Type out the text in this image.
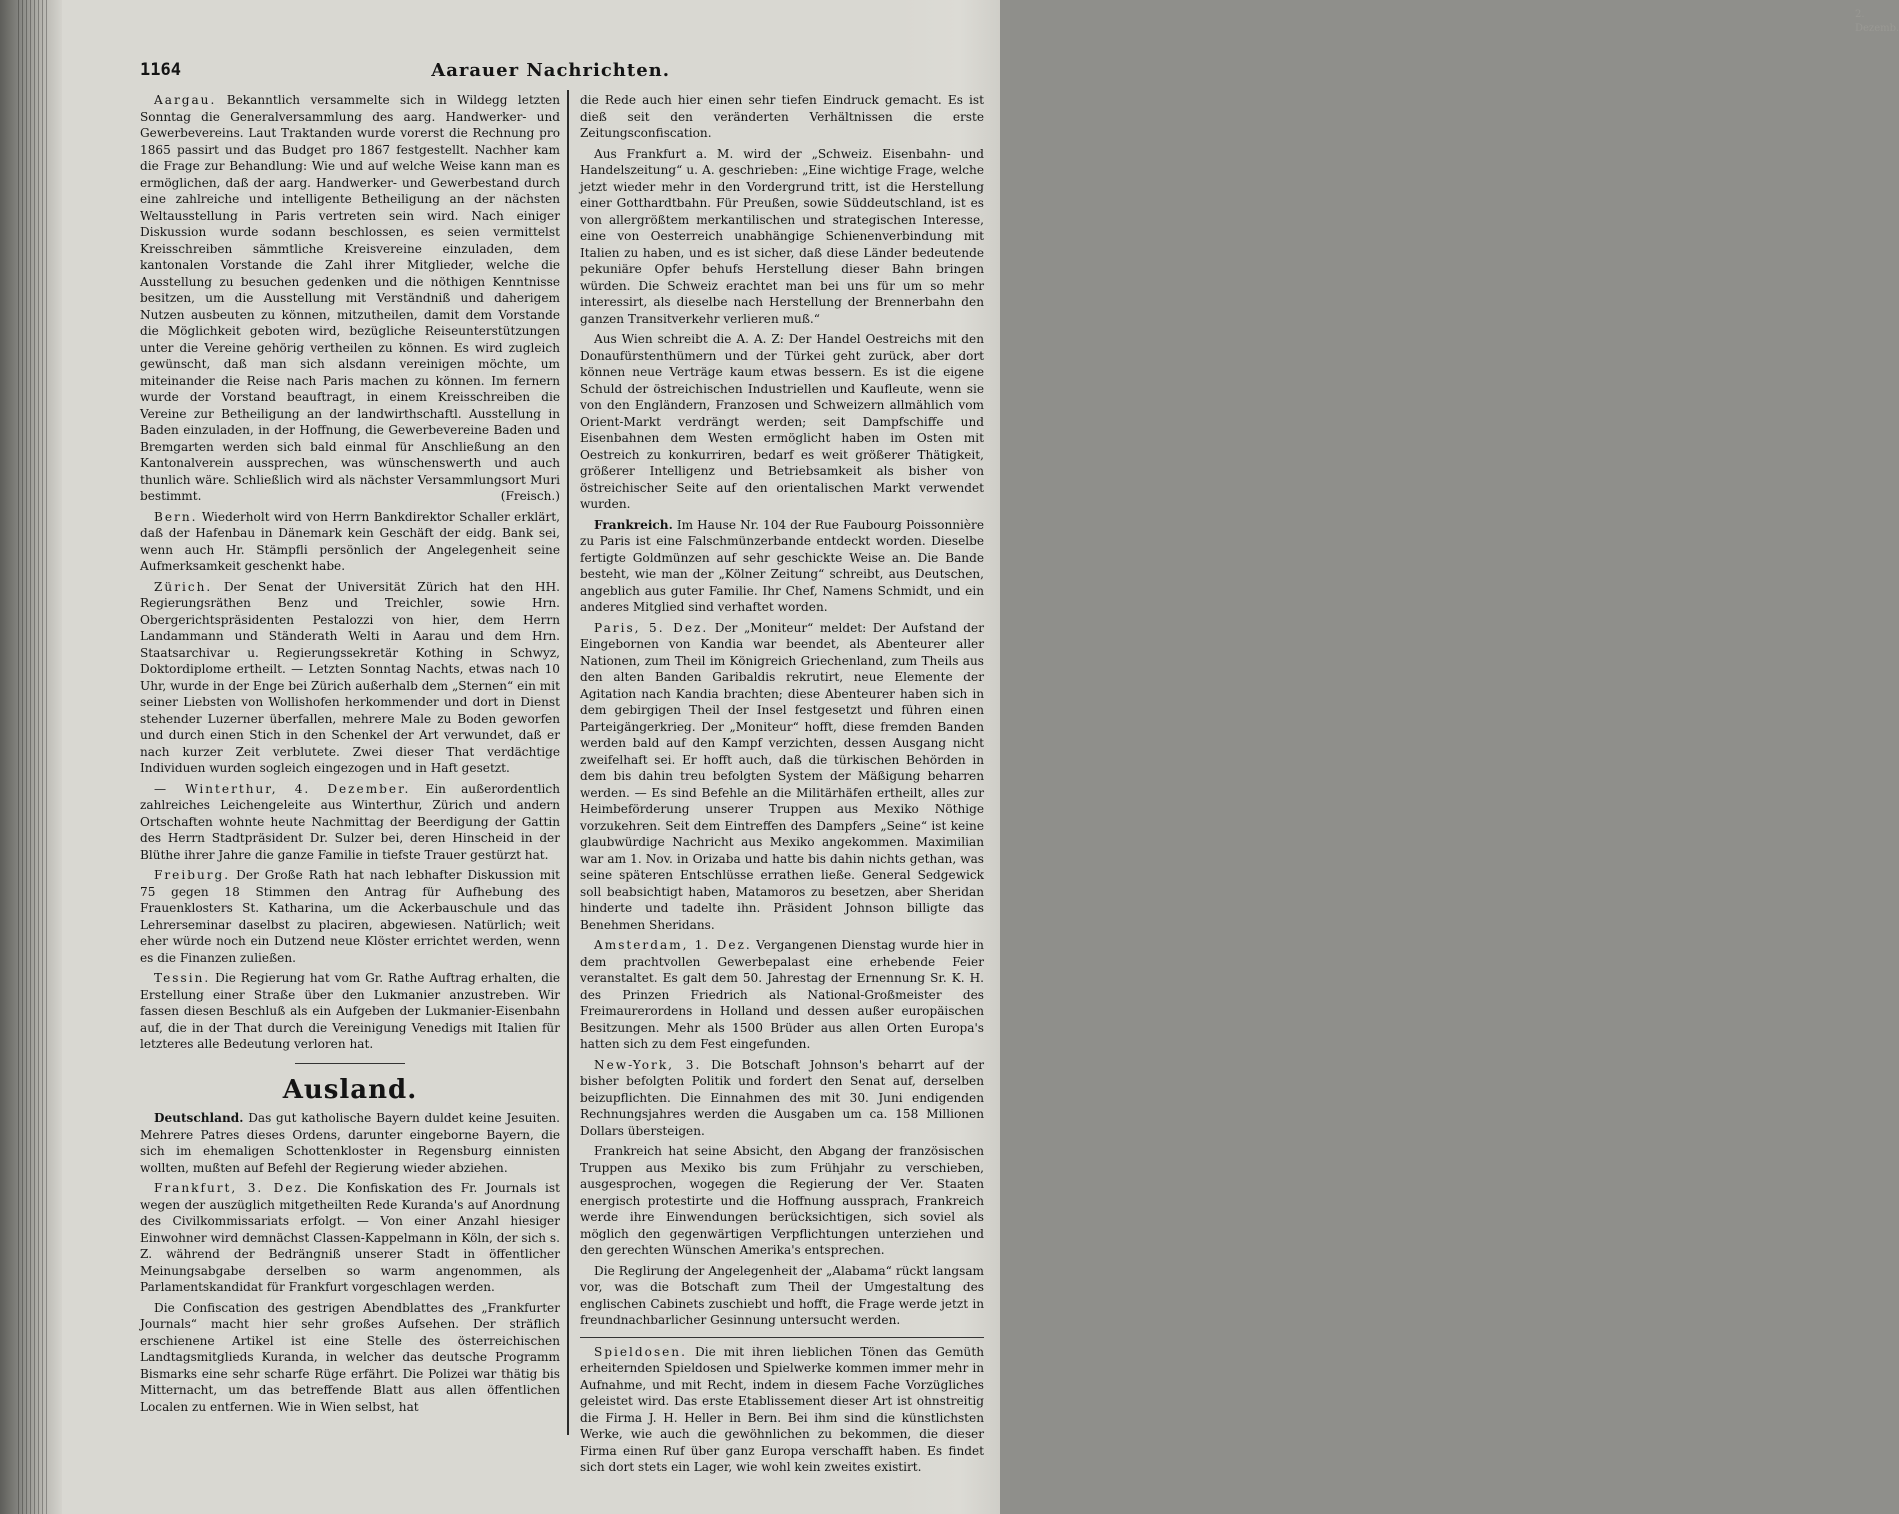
2. Dezemb.
1164	Aarauer Nachrichten.

Aargau. Bekanntlich versammelte sich in Wildegg letzten Sonntag die Generalversammlung des aarg. Handwerker- und Gewerbevereins. Laut Traktanden wurde vorerst die Rechnung pro 1865 passirt und das Budget pro 1867 festgestellt. Nachher kam die Frage zur Behandlung: Wie und auf welche Weise kann man es ermöglichen, daß der aarg. Handwerker- und Gewerbestand durch eine zahlreiche und intelligente Betheiligung an der nächsten Weltausstellung in Paris vertreten sein wird. Nach einiger Diskussion wurde sodann beschlossen, es seien vermittelst Kreisschreiben sämmtliche Kreisvereine einzuladen, dem kantonalen Vorstande die Zahl ihrer Mitglieder, welche die Ausstellung zu besuchen gedenken und die nöthigen Kenntnisse besitzen, um die Ausstellung mit Verständniß und daherigem Nutzen ausbeuten zu können, mitzutheilen, damit dem Vorstande die Möglichkeit geboten wird, bezügliche Reiseunterstützungen unter die Vereine gehörig vertheilen zu können. Es wird zugleich gewünscht, daß man sich alsdann vereinigen möchte, um miteinander die Reise nach Paris machen zu können. Im fernern wurde der Vorstand beauftragt, in einem Kreisschreiben die Vereine zur Betheiligung an der landwirthschaftl. Ausstellung in Baden einzuladen, in der Hoffnung, die Gewerbevereine Baden und Bremgarten werden sich bald einmal für Anschließung an den Kantonalverein aussprechen, was wünschenswerth und auch thunlich wäre. Schließlich wird als nächster Versammlungsort Muri bestimmt.	(Freisch.)

Bern. Wiederholt wird von Herrn Bankdirektor Schaller erklärt, daß der Hafenbau in Dänemark kein Geschäft der eidg. Bank sei, wenn auch Hr. Stämpfli persönlich der Angelegenheit seine Aufmerksamkeit geschenkt habe.

Zürich. Der Senat der Universität Zürich hat den HH. Regierungsräthen Benz und Treichler, sowie Hrn. Obergerichtspräsidenten Pestalozzi von hier, dem Herrn Landammann und Ständerath Welti in Aarau und dem Hrn. Staatsarchivar u. Regierungssekretär Kothing in Schwyz, Doktordiplome ertheilt. — Letzten Sonntag Nachts, etwas nach 10 Uhr, wurde in der Enge bei Zürich außerhalb dem „Sternen“ ein mit seiner Liebsten von Wollishofen herkommender und dort in Dienst stehender Luzerner überfallen, mehrere Male zu Boden geworfen und durch einen Stich in den Schenkel der Art verwundet, daß er nach kurzer Zeit verblutete. Zwei dieser That verdächtige Individuen wurden sogleich eingezogen und in Haft gesetzt.

— Winterthur, 4. Dezember. Ein außerordentlich zahlreiches Leichengeleite aus Winterthur, Zürich und andern Ortschaften wohnte heute Nachmittag der Beerdigung der Gattin des Herrn Stadtpräsident Dr. Sulzer bei, deren Hinscheid in der Blüthe ihrer Jahre die ganze Familie in tiefste Trauer gestürzt hat.

Freiburg. Der Große Rath hat nach lebhafter Diskussion mit 75 gegen 18 Stimmen den Antrag für Aufhebung des Frauenklosters St. Katharina, um die Ackerbauschule und das Lehrerseminar daselbst zu placiren, abgewiesen. Natürlich; weit eher würde noch ein Dutzend neue Klöster errichtet werden, wenn es die Finanzen zuließen.

Tessin. Die Regierung hat vom Gr. Rathe Auftrag erhalten, die Erstellung einer Straße über den Lukmanier anzustreben. Wir fassen diesen Beschluß als ein Aufgeben der Lukmanier-Eisenbahn auf, die in der That durch die Vereinigung Venedigs mit Italien für letzteres alle Bedeutung verloren hat.

Ausland.

Deutschland. Das gut katholische Bayern duldet keine Jesuiten. Mehrere Patres dieses Ordens, darunter eingeborne Bayern, die sich im ehemaligen Schottenkloster in Regensburg einnisten wollten, mußten auf Befehl der Regierung wieder abziehen.

Frankfurt, 3. Dez. Die Konfiskation des Fr. Journals ist wegen der auszüglich mitgetheilten Rede Kuranda's auf Anordnung des Civilkommissariats erfolgt. — Von einer Anzahl hiesiger Einwohner wird demnächst Classen-Kappelmann in Köln, der sich s. Z. während der Bedrängniß unserer Stadt in öffentlicher Meinungsabgabe derselben so warm angenommen, als Parlamentskandidat für Frankfurt vorgeschlagen werden.

Die Confiscation des gestrigen Abendblattes des „Frankfurter Journals“ macht hier sehr großes Aufsehen. Der sträflich erschienene Artikel ist eine Stelle des österreichischen Landtagsmitglieds Kuranda, in welcher das deutsche Programm Bismarks eine sehr scharfe Rüge erfährt. Die Polizei war thätig bis Mitternacht, um das betreffende Blatt aus allen öffentlichen Localen zu entfernen. Wie in Wien selbst, hat

die Rede auch hier einen sehr tiefen Eindruck gemacht. Es ist dieß seit den veränderten Verhältnissen die erste Zeitungsconfiscation.

Aus Frankfurt a. M. wird der „Schweiz. Eisenbahn- und Handelszeitung“ u. A. geschrieben: „Eine wichtige Frage, welche jetzt wieder mehr in den Vordergrund tritt, ist die Herstellung einer Gotthardtbahn. Für Preußen, sowie Süddeutschland, ist es von allergrößtem merkantilischen und strategischen Interesse, eine von Oesterreich unabhängige Schienenverbindung mit Italien zu haben, und es ist sicher, daß diese Länder bedeutende pekuniäre Opfer behufs Herstellung dieser Bahn bringen würden. Die Schweiz erachtet man bei uns für um so mehr interessirt, als dieselbe nach Herstellung der Brennerbahn den ganzen Transitverkehr verlieren muß.“

Aus Wien schreibt die A. A. Z: Der Handel Oestreichs mit den Donaufürstenthümern und der Türkei geht zurück, aber dort können neue Verträge kaum etwas bessern. Es ist die eigene Schuld der östreichischen Industriellen und Kaufleute, wenn sie von den Engländern, Franzosen und Schweizern allmählich vom Orient-Markt verdrängt werden; seit Dampfschiffe und Eisenbahnen dem Westen ermöglicht haben im Osten mit Oestreich zu konkurriren, bedarf es weit größerer Thätigkeit, größerer Intelligenz und Betriebsamkeit als bisher von östreichischer Seite auf den orientalischen Markt verwendet wurden.

Frankreich. Im Hause Nr. 104 der Rue Faubourg Poissonnière zu Paris ist eine Falschmünzerbande entdeckt worden. Dieselbe fertigte Goldmünzen auf sehr geschickte Weise an. Die Bande besteht, wie man der „Kölner Zeitung“ schreibt, aus Deutschen, angeblich aus guter Familie. Ihr Chef, Namens Schmidt, und ein anderes Mitglied sind verhaftet worden.

Paris, 5. Dez. Der „Moniteur“ meldet: Der Aufstand der Eingebornen von Kandia war beendet, als Abenteurer aller Nationen, zum Theil im Königreich Griechenland, zum Theils aus den alten Banden Garibaldis rekrutirt, neue Elemente der Agitation nach Kandia brachten; diese Abenteurer haben sich in dem gebirgigen Theil der Insel festgesetzt und führen einen Parteigängerkrieg. Der „Moniteur“ hofft, diese fremden Banden werden bald auf den Kampf verzichten, dessen Ausgang nicht zweifelhaft sei. Er hofft auch, daß die türkischen Behörden in dem bis dahin treu befolgten System der Mäßigung beharren werden. — Es sind Befehle an die Militärhäfen ertheilt, alles zur Heimbeförderung unserer Truppen aus Mexiko Nöthige vorzukehren. Seit dem Eintreffen des Dampfers „Seine“ ist keine glaubwürdige Nachricht aus Mexiko angekommen. Maximilian war am 1. Nov. in Orizaba und hatte bis dahin nichts gethan, was seine späteren Entschlüsse errathen ließe. General Sedgewick soll beabsichtigt haben, Matamoros zu besetzen, aber Sheridan hinderte und tadelte ihn. Präsident Johnson billigte das Benehmen Sheridans.

Amsterdam, 1. Dez. Vergangenen Dienstag wurde hier in dem prachtvollen Gewerbepalast eine erhebende Feier veranstaltet. Es galt dem 50. Jahrestag der Ernennung Sr. K. H. des Prinzen Friedrich als National-Großmeister des Freimaurerordens in Holland und dessen außer europäischen Besitzungen. Mehr als 1500 Brüder aus allen Orten Europa's hatten sich zu dem Fest eingefunden.

New-York, 3. Die Botschaft Johnson's beharrt auf der bisher befolgten Politik und fordert den Senat auf, derselben beizupflichten. Die Einnahmen des mit 30. Juni endigenden Rechnungsjahres werden die Ausgaben um ca. 158 Millionen Dollars übersteigen.

Frankreich hat seine Absicht, den Abgang der französischen Truppen aus Mexiko bis zum Frühjahr zu verschieben, ausgesprochen, wogegen die Regierung der Ver. Staaten energisch protestirte und die Hoffnung aussprach, Frankreich werde ihre Einwendungen berücksichtigen, sich soviel als möglich den gegenwärtigen Verpflichtungen unterziehen und den gerechten Wünschen Amerika's entsprechen.

Die Reglirung der Angelegenheit der „Alabama“ rückt langsam vor, was die Botschaft zum Theil der Umgestaltung des englischen Cabinets zuschiebt und hofft, die Frage werde jetzt in freundnachbarlicher Gesinnung untersucht werden.

Spieldosen. Die mit ihren lieblichen Tönen das Gemüth erheiternden Spieldosen und Spielwerke kommen immer mehr in Aufnahme, und mit Recht, indem in diesem Fache Vorzügliches geleistet wird. Das erste Etablissement dieser Art ist ohnstreitig die Firma J. H. Heller in Bern. Bei ihm sind die künstlichsten Werke, wie auch die gewöhnlichen zu bekommen, die dieser Firma einen Ruf über ganz Europa verschafft haben. Es findet sich dort stets ein Lager, wie wohl kein zweites existirt.
